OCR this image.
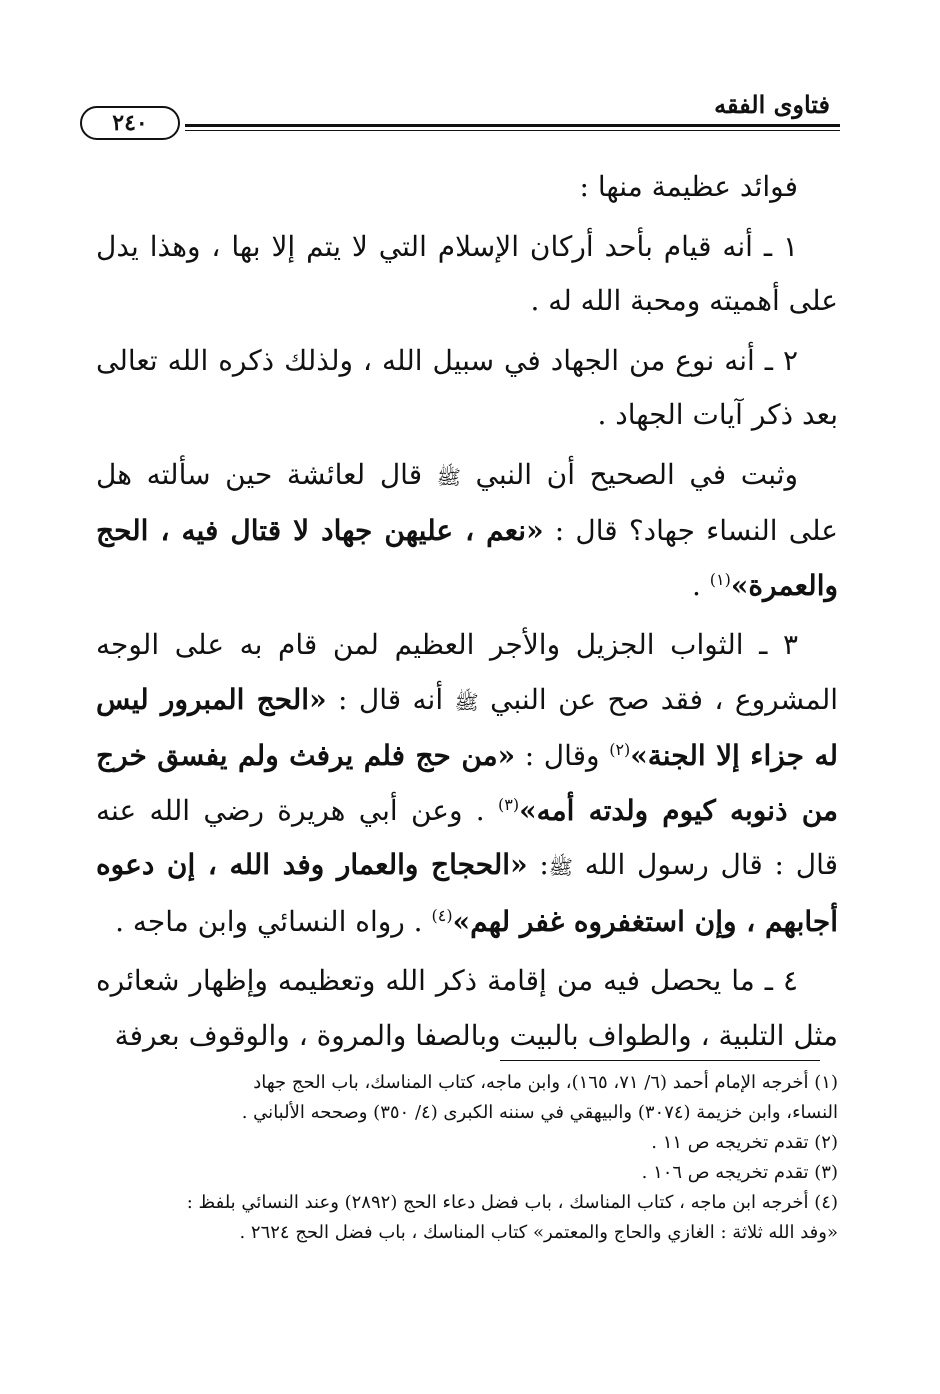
فتاوى الفقه
٢٤٠

فوائد عظيمة منها :

١ ـ أنه قيام بأحد أركان الإسلام التي لا يتم إلا بها ، وهذا يدل على أهميته ومحبة الله له .

٢ ـ أنه نوع من الجهاد في سبيل الله ، ولذلك ذكره الله تعالى بعد ذكر آيات الجهاد .

وثبت في الصحيح أن النبي ﷺ قال لعائشة حين سألته هل على النساء جهاد؟ قال : «نعم ، عليهن جهاد لا قتال فيه ، الحج والعمرة»$^{(١)}$ .

٣ ـ الثواب الجزيل والأجر العظيم لمن قام به على الوجه المشروع ، فقد صح عن النبي ﷺ أنه قال : «الحج المبرور ليس له جزاء إلا الجنة»$^{(٢)}$ وقال : «من حج فلم يرفث ولم يفسق خرج من ذنوبه كيوم ولدته أمه»$^{(٣)}$ . وعن أبي هريرة رضي الله عنه قال : قال رسول الله ﷺ: «الحجاج والعمار وفد الله ، إن دعوه أجابهم ، وإن استغفروه غفر لهم»$^{(٤)}$ . رواه النسائي وابن ماجه .

٤ ـ ما يحصل فيه من إقامة ذكر الله وتعظيمه وإظهار شعائره مثل التلبية ، والطواف بالبيت وبالصفا والمروة ، والوقوف بعرفة

(١) أخرجه الإمام أحمد (٦/ ٧١، ١٦٥)، وابن ماجه، كتاب المناسك، باب الحج جهاد

النساء، وابن خزيمة (٣٠٧٤) والبيهقي في سننه الكبرى (٤/ ٣٥٠) وصححه الألباني .

(٢) تقدم تخريجه ص ١١ .

(٣) تقدم تخريجه ص ١٠٦ .

(٤) أخرجه ابن ماجه ، كتاب المناسك ، باب فضل دعاء الحج (٢٨٩٢) وعند النسائي بلفظ :

«وفد الله ثلاثة : الغازي والحاج والمعتمر» كتاب المناسك ، باب فضل الحج ٢٦٢٤ .
